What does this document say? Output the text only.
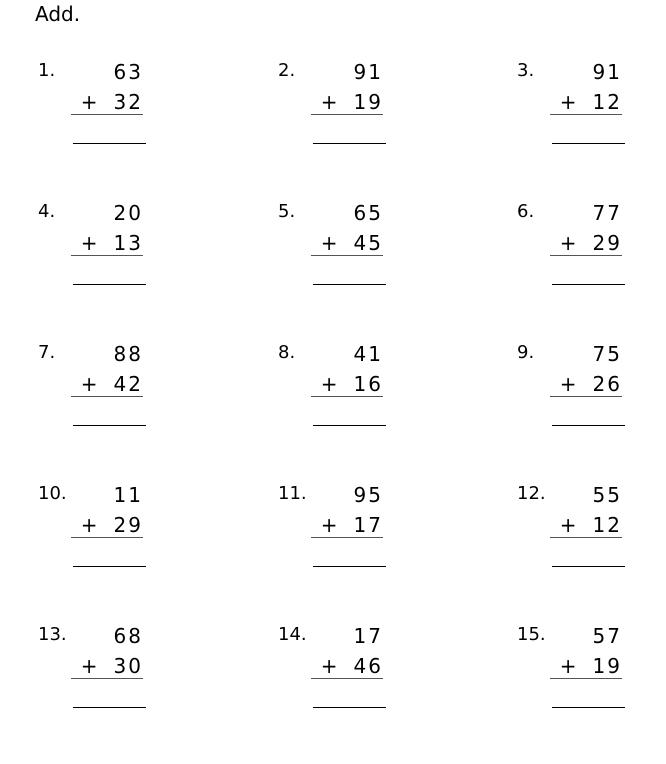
Add.
1.	63
+ 32
2.	91
+ 19
3.	91
+ 12
4.	20
+ 13
5.	65
+ 45
6.	77
+ 29
7.	88
+ 42
8.	41
+ 16
9.	75
+ 26
10. 11
+ 29
11. 95
+ 17
12. 55
+ 12
13. 68
+ 30
14. 17
+ 46
15. 57
+ 19
